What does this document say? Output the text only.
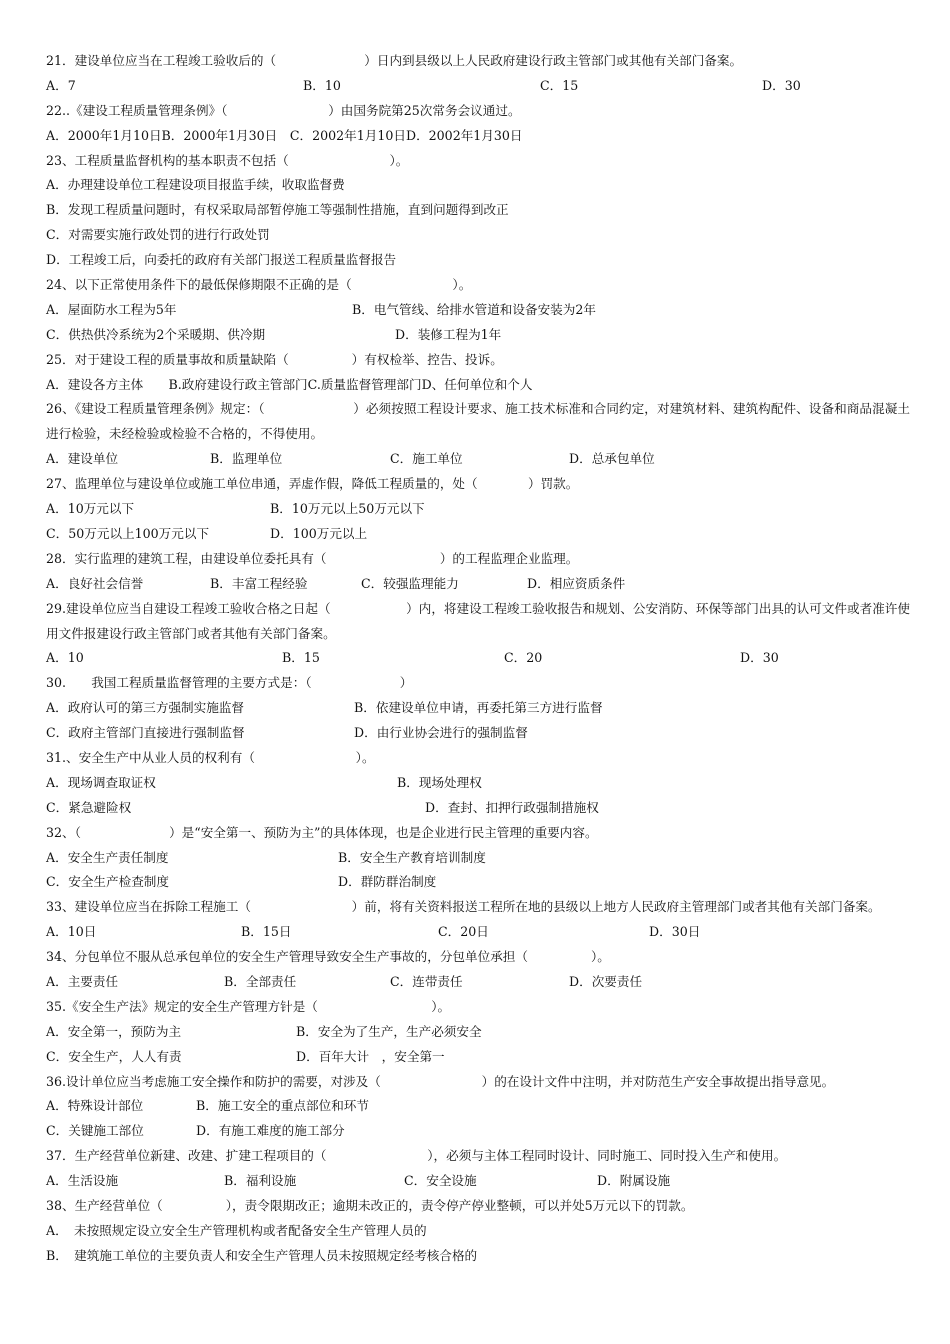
21．建设单位应当在工程竣工验收后的（　　　　　　　）日内到县级以上人民政府建设行政主管部门或其他有关部门备案。
A．7	B．10	C．15	D．30
22..《建设工程质量管理条例》（　　　　　　　　）由国务院第25次常务会议通过。
A．2000年1月10日B．2000年1月30日　C．2002年1月10日D．2002年1月30日
23、工程质量监督机构的基本职责不包括（　　　　　　　　）。
A．办理建设单位工程建设项目报监手续，收取监督费
B．发现工程质量问题时，有权采取局部暂停施工等强制性措施，直到问题得到改正
C．对需要实施行政处罚的进行行政处罚
D．工程竣工后，向委托的政府有关部门报送工程质量监督报告
24、以下正常使用条件下的最低保修期限不正确的是（　　　　　　　　）。
A．屋面防水工程为5年	B．电气管线、给排水管道和设备安装为2年
C．供热供冷系统为2个采暖期、供冷期	D．装修工程为1年
25．对于建设工程的质量事故和质量缺陷（　　　　　）有权检举、控告、投诉。
A．建设各方主体　　B.政府建设行政主管部门C.质量监督管理部门D、任何单位和个人
26、《建设工程质量管理条例》规定：（　　　　　　　）必须按照工程设计要求、施工技术标准和合同约定，对建筑材料、建筑构配件、设备和商品混凝土进行检验，未经检验或检验不合格的，不得使用。
A．建设单位	B．监理单位	C．施工单位	D．总承包单位
27、监理单位与建设单位或施工单位串通，弄虚作假，降低工程质量的，处（　　　　）罚款。
A．10万元以下	B．10万元以上50万元以下
C．50万元以上100万元以下	D．100万元以上
28．实行监理的建筑工程，由建设单位委托具有（　　　　　　　　　）的工程监理企业监理。
A．良好社会信誉	B．丰富工程经验	C．较强监理能力	D．相应资质条件
29.建设单位应当自建设工程竣工验收合格之日起（　　　　　　）内，将建设工程竣工验收报告和规划、公安消防、环保等部门出具的认可文件或者准许使用文件报建设行政主管部门或者其他有关部门备案。
A．10	B．15	C．20	D．30
30.　　我国工程质量监督管理的主要方式是：（　　　　　　　）
A．政府认可的第三方强制实施监督	B．依建设单位申请，再委托第三方进行监督
C．政府主管部门直接进行强制监督	D．由行业协会进行的强制监督
31.、安全生产中从业人员的权利有（　　　　　　　　）。
A．现场调查取证权	B．现场处理权
C．紧急避险权	D．查封、扣押行政强制措施权
32、（　　　　　　　）是“安全第一、预防为主”的具体体现，也是企业进行民主管理的重要内容。
A．安全生产责任制度	B．安全生产教育培训制度
C．安全生产检查制度	D．群防群治制度
33、建设单位应当在拆除工程施工（　　　　　　　　）前，将有关资料报送工程所在地的县级以上地方人民政府主管理部门或者其他有关部门备案。
A．10日	B．15日	C．20日	D．30日
34、分包单位不服从总承包单位的安全生产管理导致安全生产事故的，分包单位承担（　　　　　）。
A．主要责任	B．全部责任	C．连带责任	D．次要责任
35.《安全生产法》规定的安全生产管理方针是（　　　　　　　　　）。
A．安全第一，预防为主	B．安全为了生产，生产必须安全
C．安全生产，人人有责	D．百年大计　，安全第一
36.设计单位应当考虑施工安全操作和防护的需要，对涉及（　　　　　　　　）的在设计文件中注明，并对防范生产安全事故提出指导意见。
A．特殊设计部位	B．施工安全的重点部位和环节
C．关键施工部位	D．有施工难度的施工部分
37．生产经营单位新建、改建、扩建工程项目的（　　　　　　　　），必须与主体工程同时设计、同时施工、同时投入生产和使用。
A．生活设施	B．福利设施	C．安全设施	D．附属设施
38、生产经营单位（　　　　　），责令限期改正；逾期未改正的，责令停产停业整顿，可以并处5万元以下的罚款。
A．　未按照规定设立安全生产管理机构或者配备安全生产管理人员的
B．　建筑施工单位的主要负责人和安全生产管理人员未按照规定经考核合格的
